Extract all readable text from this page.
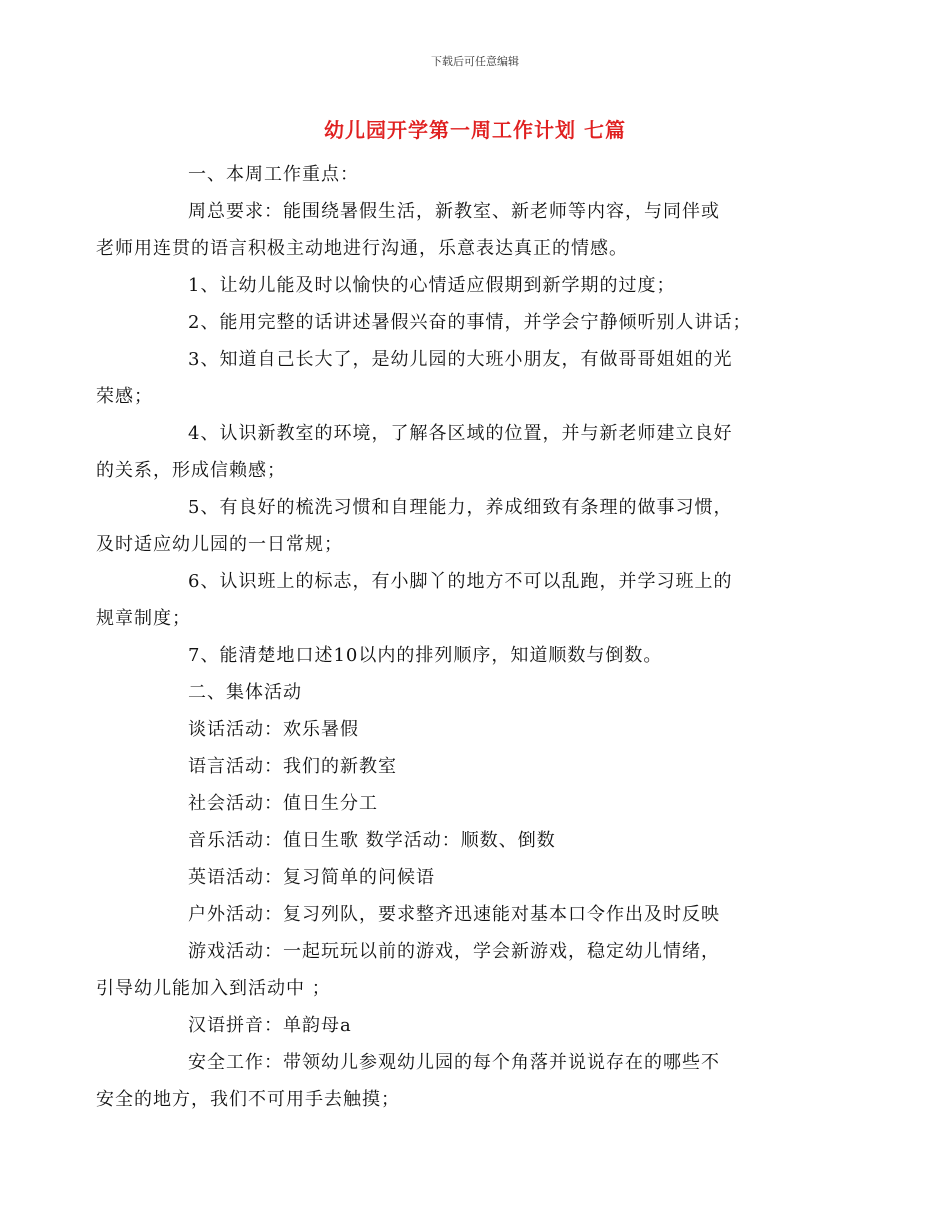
下载后可任意编辑
幼儿园开学第一周工作计划 七篇

一、本周工作重点：

周总要求：能围绕暑假生活，新教室、新老师等内容，与同伴或
老师用连贯的语言积极主动地进行沟通，乐意表达真正的情感。

1、让幼儿能及时以愉快的心情适应假期到新学期的过度；

2、能用完整的话讲述暑假兴奋的事情，并学会宁静倾听别人讲话；

3、知道自己长大了，是幼儿园的大班小朋友，有做哥哥姐姐的光
荣感；

4、认识新教室的环境，了解各区域的位置，并与新老师建立良好
的关系，形成信赖感；

5、有良好的梳洗习惯和自理能力，养成细致有条理的做事习惯，
及时适应幼儿园的一日常规；

6、认识班上的标志，有小脚丫的地方不可以乱跑，并学习班上的
规章制度；

7、能清楚地口述10以内的排列顺序，知道顺数与倒数。

二、集体活动

谈话活动：欢乐暑假

语言活动：我们的新教室

社会活动：值日生分工

音乐活动：值日生歌 数学活动：顺数、倒数

英语活动：复习简单的问候语

户外活动：复习列队，要求整齐迅速能对基本口令作出及时反映

游戏活动：一起玩玩以前的游戏，学会新游戏，稳定幼儿情绪，
引导幼儿能加入到活动中 ；

汉语拼音：单韵母a

安全工作：带领幼儿参观幼儿园的每个角落并说说存在的哪些不
安全的地方，我们不可用手去触摸；
